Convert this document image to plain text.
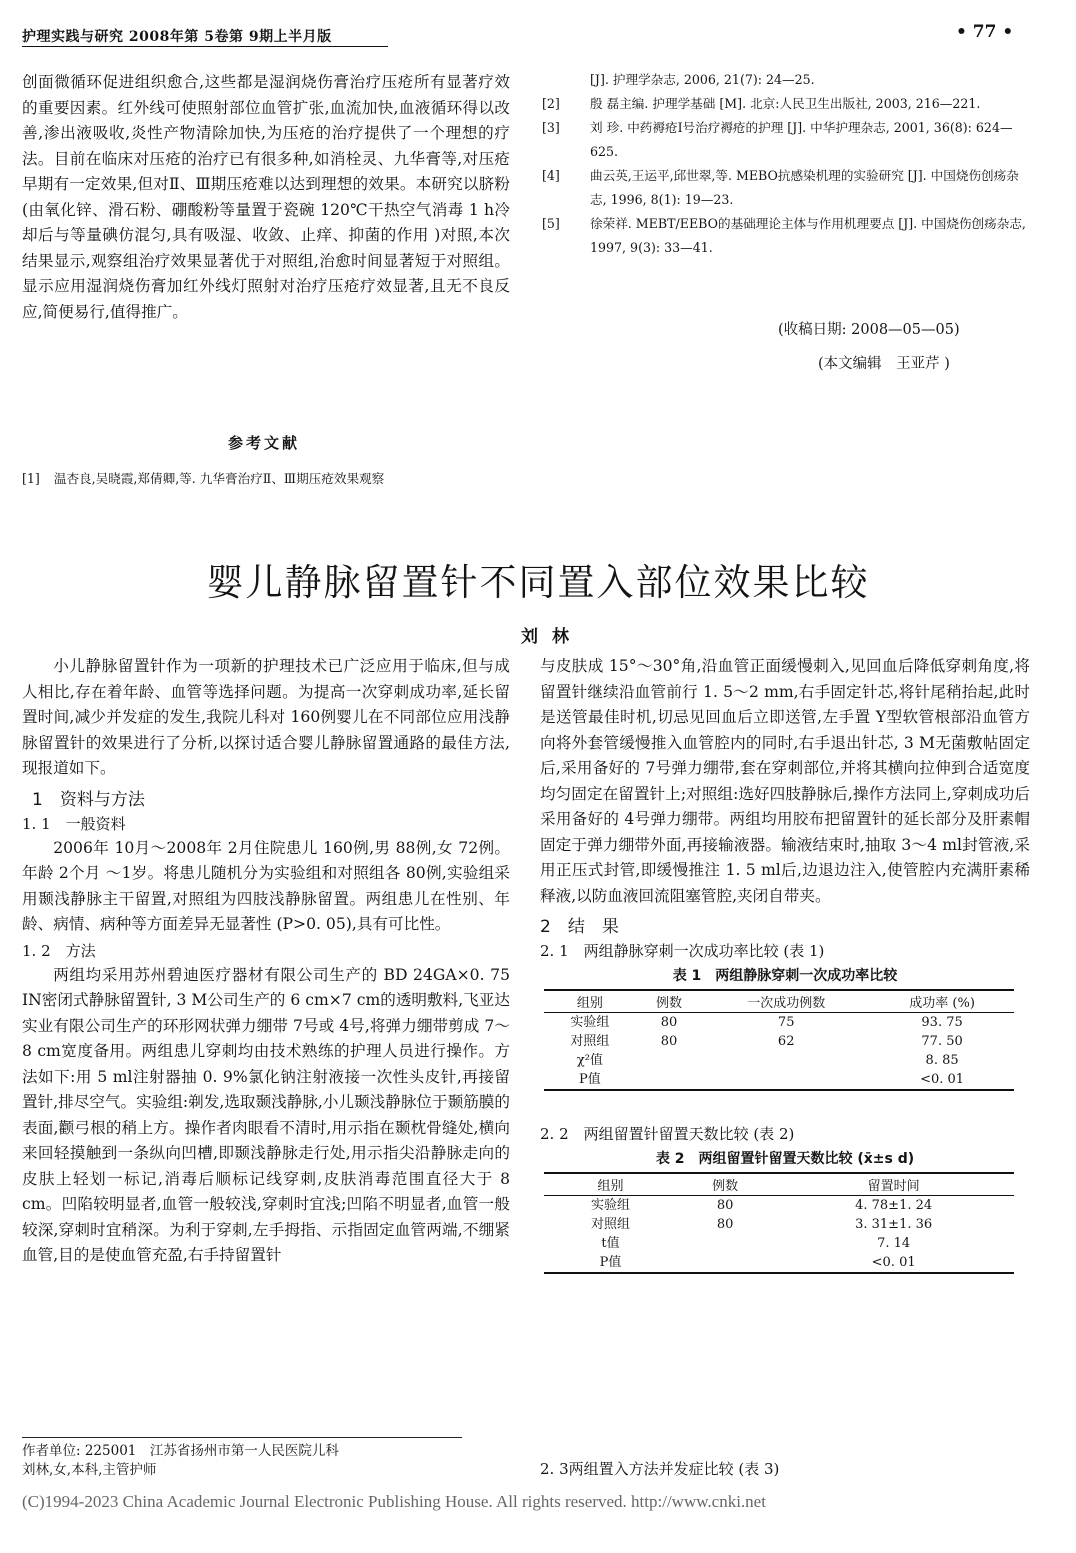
护理实践与研究 2008年第 5卷第 9期上半月版	• 77 •

创面微循环促进组织愈合,这些都是湿润烧伤膏治疗压疮所有显著疗效的重要因素。红外线可使照射部位血管扩张,血流加快,血液循环得以改善,渗出液吸收,炎性产物清除加快,为压疮的治疗提供了一个理想的疗法。目前在临床对压疮的治疗已有很多种,如消栓灵、九华膏等,对压疮早期有一定效果,但对Ⅱ、Ⅲ期压疮难以达到理想的效果。本研究以脐粉 (由氧化锌、滑石粉、硼酸粉等量置于瓷碗 120℃干热空气消毒 1 h冷却后与等量碘仿混匀,具有吸湿、收敛、止痒、抑菌的作用 )对照,本次结果显示,观察组治疗效果显著优于对照组,治愈时间显著短于对照组。显示应用湿润烧伤膏加红外线灯照射对治疗压疮疗效显著,且无不良反应,简便易行,值得推广。

参考文献
[1] 温杏良,吴晓霞,郑倩卿,等. 九华膏治疗Ⅱ、Ⅲ期压疮效果观察

[J]. 护理学杂志, 2006, 21(7): 24—25.

[2] 殷 磊主编. 护理学基础 [M]. 北京:人民卫生出版社, 2003, 216—221.

[3] 刘 珍. 中药褥疮Ⅰ号治疗褥疮的护理 [J]. 中华护理杂志, 2001, 36(8): 624—625.

[4] 曲云英,王运平,邱世翠,等. MEBO抗感染机理的实验研究 [J]. 中国烧伤创疡杂志, 1996, 8(1): 19—23.

[5] 徐荣祥. MEBT/EEBO的基础理论主体与作用机理要点 [J]. 中国烧伤创疡杂志, 1997, 9(3): 33—41.

(收稿日期: 2008—05—05)
(本文编辑　王亚芹 )
婴儿静脉留置针不同置入部位效果比较
刘林

小儿静脉留置针作为一项新的护理技术已广泛应用于临床,但与成人相比,存在着年龄、血管等选择问题。为提高一次穿刺成功率,延长留置时间,减少并发症的发生,我院儿科对 160例婴儿在不同部位应用浅静脉留置针的效果进行了分析,以探讨适合婴儿静脉留置通路的最佳方法,现报道如下。

1　资料与方法
1. 1　一般资料

2006年 10月～2008年 2月住院患儿 160例,男 88例,女 72例。年龄 2个月 ～1岁。将患儿随机分为实验组和对照组各 80例,实验组采用颞浅静脉主干留置,对照组为四肢浅静脉留置。两组患儿在性别、年龄、病情、病种等方面差异无显著性 (P>0. 05),具有可比性。

1. 2　方法

两组均采用苏州碧迪医疗器材有限公司生产的 BD 24GA×0. 75 IN密闭式静脉留置针, 3 M公司生产的 6 cm×7 cm的透明敷料,飞亚达实业有限公司生产的环形网状弹力绷带 7号或 4号,将弹力绷带剪成 7～8 cm宽度备用。两组患儿穿刺均由技术熟练的护理人员进行操作。方法如下:用 5 ml注射器抽 0. 9%氯化钠注射液接一次性头皮针,再接留置针,排尽空气。实验组:剃发,选取颞浅静脉,小儿颞浅静脉位于颞筋膜的表面,颧弓根的稍上方。操作者肉眼看不清时,用示指在颞枕骨缝处,横向来回轻摸触到一条纵向凹槽,即颞浅静脉走行处,用示指尖沿静脉走向的皮肤上轻划一标记,消毒后顺标记线穿刺,皮肤消毒范围直径大于 8 cm。凹陷较明显者,血管一般较浅,穿刺时宜浅;凹陷不明显者,血管一般较深,穿刺时宜稍深。为利于穿刺,左手拇指、示指固定血管两端,不绷紧血管,目的是使血管充盈,右手持留置针

与皮肤成 15°～30°角,沿血管正面缓慢刺入,见回血后降低穿刺角度,将留置针继续沿血管前行 1. 5～2 mm,右手固定针芯,将针尾稍抬起,此时是送管最佳时机,切忌见回血后立即送管,左手置 Y型软管根部沿血管方向将外套管缓慢推入血管腔内的同时,右手退出针芯, 3 M无菌敷帖固定后,采用备好的 7号弹力绷带,套在穿刺部位,并将其横向拉伸到合适宽度均匀固定在留置针上;对照组:选好四肢静脉后,操作方法同上,穿刺成功后采用备好的 4号弹力绷带。两组均用胶布把留置针的延长部分及肝素帽固定于弹力绷带外面,再接输液器。输液结束时,抽取 3～4 ml封管液,采用正压式封管,即缓慢推注 1. 5 ml后,边退边注入,使管腔内充满肝素稀释液,以防血液回流阻塞管腔,夹闭自带夹。

2　结　果
2. 1　两组静脉穿刺一次成功率比较 (表 1)
表 1　两组静脉穿刺一次成功率比较
组别	例数	一次成功例数	成功率 (%)
实验组	80	75	93. 75
对照组	80	62	77. 50
χ²值			8. 85
P值			<0. 01
2. 2　两组留置针留置天数比较 (表 2)
表 2　两组留置针留置天数比较 (x̄±s d)
组别	例数	留置时间
实验组	80	4. 78±1. 24
对照组	80	3. 31±1. 36
t值		7. 14
P值		<0. 01
2. 3两组置入方法并发症比较 (表 3)
作者单位: 225001　江苏省扬州市第一人民医院儿科
刘林,女,本科,主管护师
(C)1994-2023 China Academic Journal Electronic Publishing House. All rights reserved. http://www.cnki.net
